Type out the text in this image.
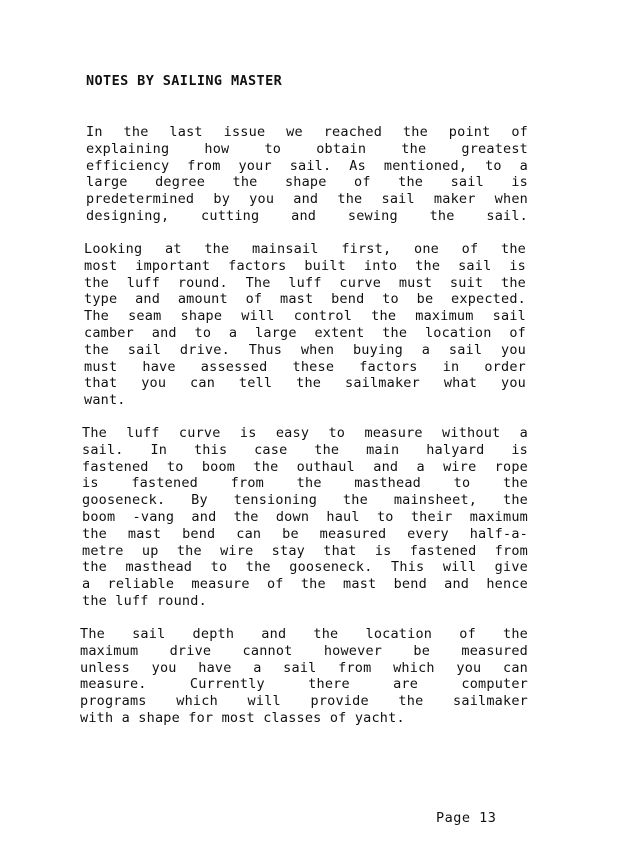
NOTES BY SAILING MASTER
In the last issue we reached the point of
explaining how to obtain the greatest
efficiency from your sail. As mentioned, to a
large degree the shape of the sail is
predetermined by you and the sail maker when
designing, cutting and sewing the sail.
Looking at the mainsail first, one of the
most important factors built into the sail is
the luff round. The luff curve must suit the
type and amount of mast bend to be expected.
The seam shape will control the maximum sail
camber and to a large extent the location of
the sail drive. Thus when buying a sail you
must have assessed these factors in order
that you can tell the sailmaker what you
want.
The luff curve is easy to measure without a
sail. In this case the main halyard is
fastened to boom the outhaul and a wire rope
is fastened from the masthead to the
gooseneck. By tensioning the mainsheet, the
boom -vang and the down haul to their maximum
the mast bend can be measured every half-a-
metre up the wire stay that is fastened from
the masthead to the gooseneck. This will give
a reliable measure of the mast bend and hence
the luff round.
The sail depth and the location of the
maximum drive cannot however be measured
unless you have a sail from which you can
measure. Currently there are computer
programs which will provide the sailmaker
with a shape for most classes of yacht.
Page 13
